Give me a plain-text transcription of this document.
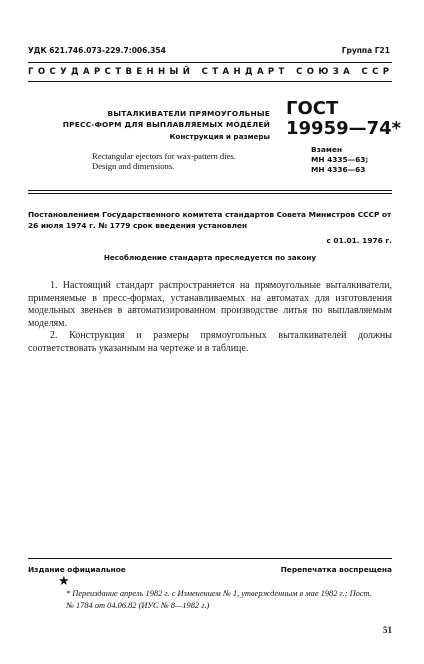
УДК 621.746.073-229.7:006.354	Группа Г21
ГОСУДАРСТВЕННЫЙ СТАНДАРТ СОЮЗА ССР
ВЫТАЛКИВАТЕЛИ ПРЯМОУГОЛЬНЫЕ
ПРЕСС-ФОРМ ДЛЯ ВЫПЛАВЛЯЕМЫХ МОДЕЛЕЙ
Конструкция и размеры
Rectangular ejectors for wax-pattern dies.
Design and dimensions.
ГОСТ
19959—74*
Взамен
МН 4335—63;
МН 4336—63
Постановлением Государственного комитета стандартов Совета Министров СССР от 26 июля 1974 г. № 1779 срок введения установлен
с 01.01. 1976 г.
Несоблюдение стандарта преследуется по закону
1. Настоящий стандарт распространяется на прямоугольные выталкиватели, применяемые в пресс-формах, устанавливаемых на автоматах для изготовления модельных звеньев в автоматизированном производстве литья по выплавляемым моделям.
2. Конструкция и размеры прямоугольных выталкивателей должны соответствовать указанным на чертеже и в таблице.
Издание официальное	Перепечатка воспрещена
★
* Переиздание апрель 1982 г. с Изменением № 1, утвержденным в мае 1982 г.; Пост. № 1784 от 04.06.82 (ИУС № 8—1982 г.)
51
